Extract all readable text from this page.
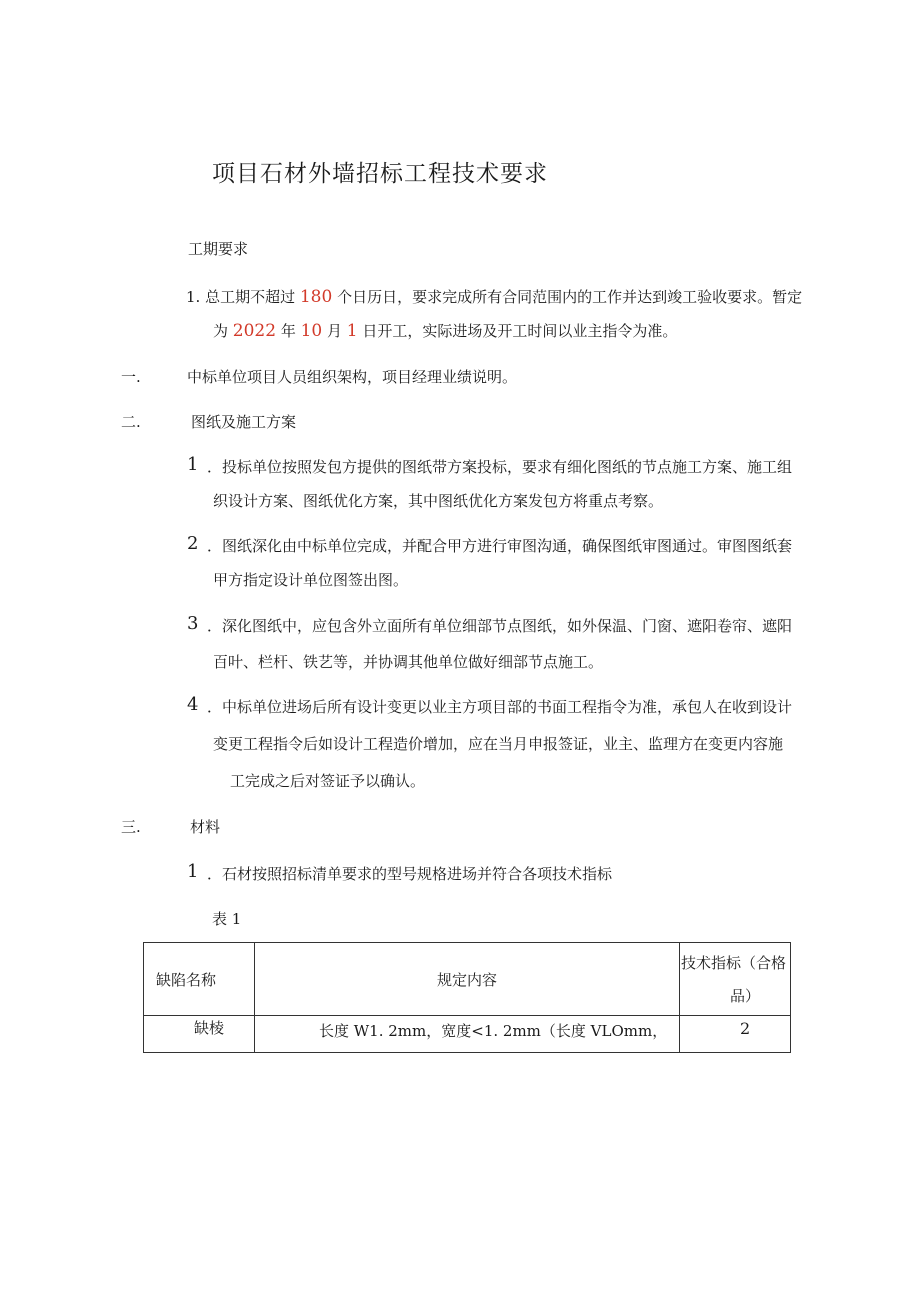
项目石材外墙招标工程技术要求
工期要求
1. 总工期不超过 180 个日历日，要求完成所有合同范围内的工作并达到竣工验收要求。暂定
为 2022 年 10 月 1 日开工，实际进场及开工时间以业主指令为准。
一.	中标单位项目人员组织架构，项目经理业绩说明。
二.	图纸及施工方案
1 ．投标单位按照发包方提供的图纸带方案投标，要求有细化图纸的节点施工方案、施工组
织设计方案、图纸优化方案，其中图纸优化方案发包方将重点考察。
2 ．图纸深化由中标单位完成，并配合甲方进行审图沟通，确保图纸审图通过。审图图纸套
甲方指定设计单位图签出图。
3 ．深化图纸中，应包含外立面所有单位细部节点图纸，如外保温、门窗、遮阳卷帘、遮阳
百叶、栏杆、铁艺等，并协调其他单位做好细部节点施工。
4 ．中标单位进场后所有设计变更以业主方项目部的书面工程指令为准，承包人在收到设计
变更工程指令后如设计工程造价增加，应在当月申报签证，业主、监理方在变更内容施
工完成之后对签证予以确认。
三.	材料
1 ．石材按照招标清单要求的型号规格进场并符合各项技术指标
表 1
缺陷名称	规定内容	技术指标（合格
品）

缺棱	长度 W1. 2mm，宽度<1. 2mm（长度 VLOmm，	2
